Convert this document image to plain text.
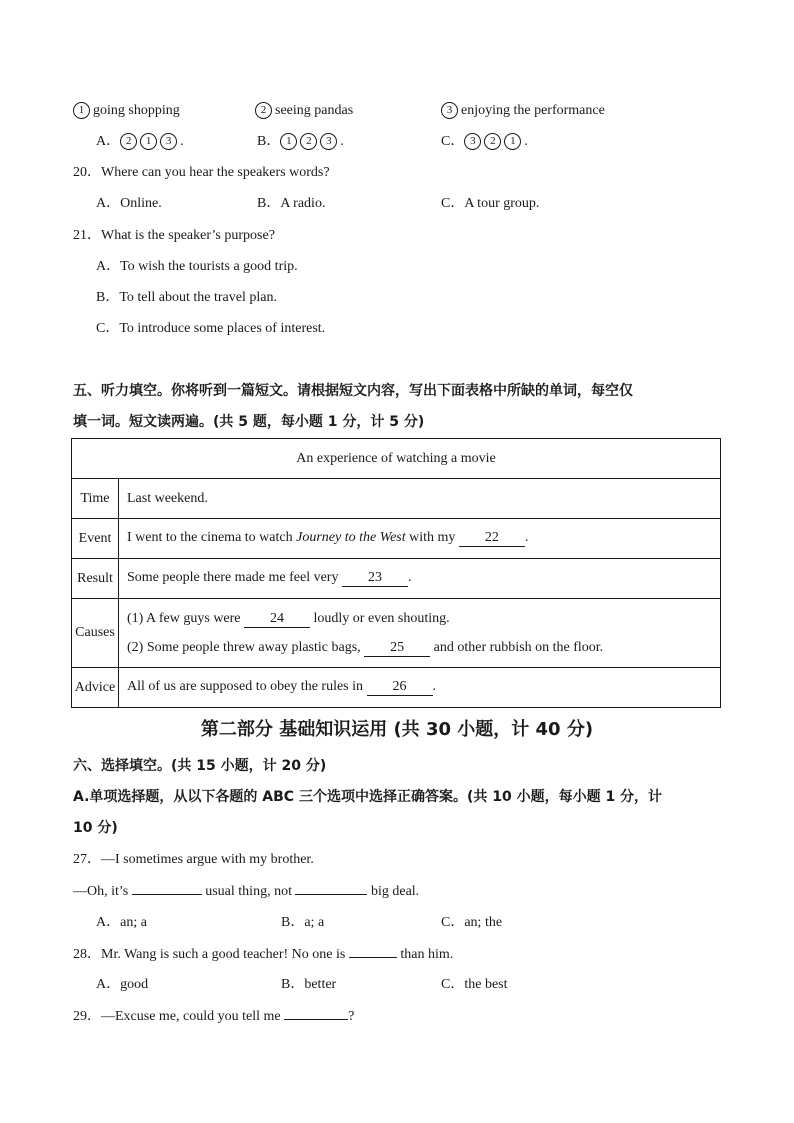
1 going shopping	2 seeing pandas	3 enjoying the performance
A． 2 1 3 .	B． 1 2 3 .	C． 3 2 1 .
20．Where can you hear the speakers words?
A．Online.	B．A radio.	C．A tour group.
21．What is the speaker’s purpose?
A．To wish the tourists a good trip.
B．To tell about the travel plan.
C．To introduce some places of interest.
五、听力填空。你将听到一篇短文。请根据短文内容，写出下面表格中所缺的单词，每空仅
填一词。短文读两遍。(共 5 题，每小题 1 分，计 5 分)
An experience of watching a movie	
Time	Last weekend.
Event	I went to the cinema to watch Journey to the West with my 22 .
Result	Some people there made me feel very 23 .
Causes	(1) A few guys were 24 loudly or even shouting.
(2) Some people threw away plastic bags, 25 and other rubbish on the floor.

Advice	All of us are supposed to obey the rules in 26 .
第二部分 基础知识运用 (共 30 小题，计 40 分)
六、选择填空。(共 15 小题，计 20 分)
A.单项选择题，从以下各题的 ABC 三个选项中选择正确答案。(共 10 小题，每小题 1 分，计
10 分)
27．—I sometimes argue with my brother.
—Oh, it’s	usual thing, not	big deal.
A．an; a	B．a; a	C．an; the
28．Mr. Wang is such a good teacher! No one is	than him.
A．good	B．better	C．the best
29．—Excuse me, could you tell me	?
